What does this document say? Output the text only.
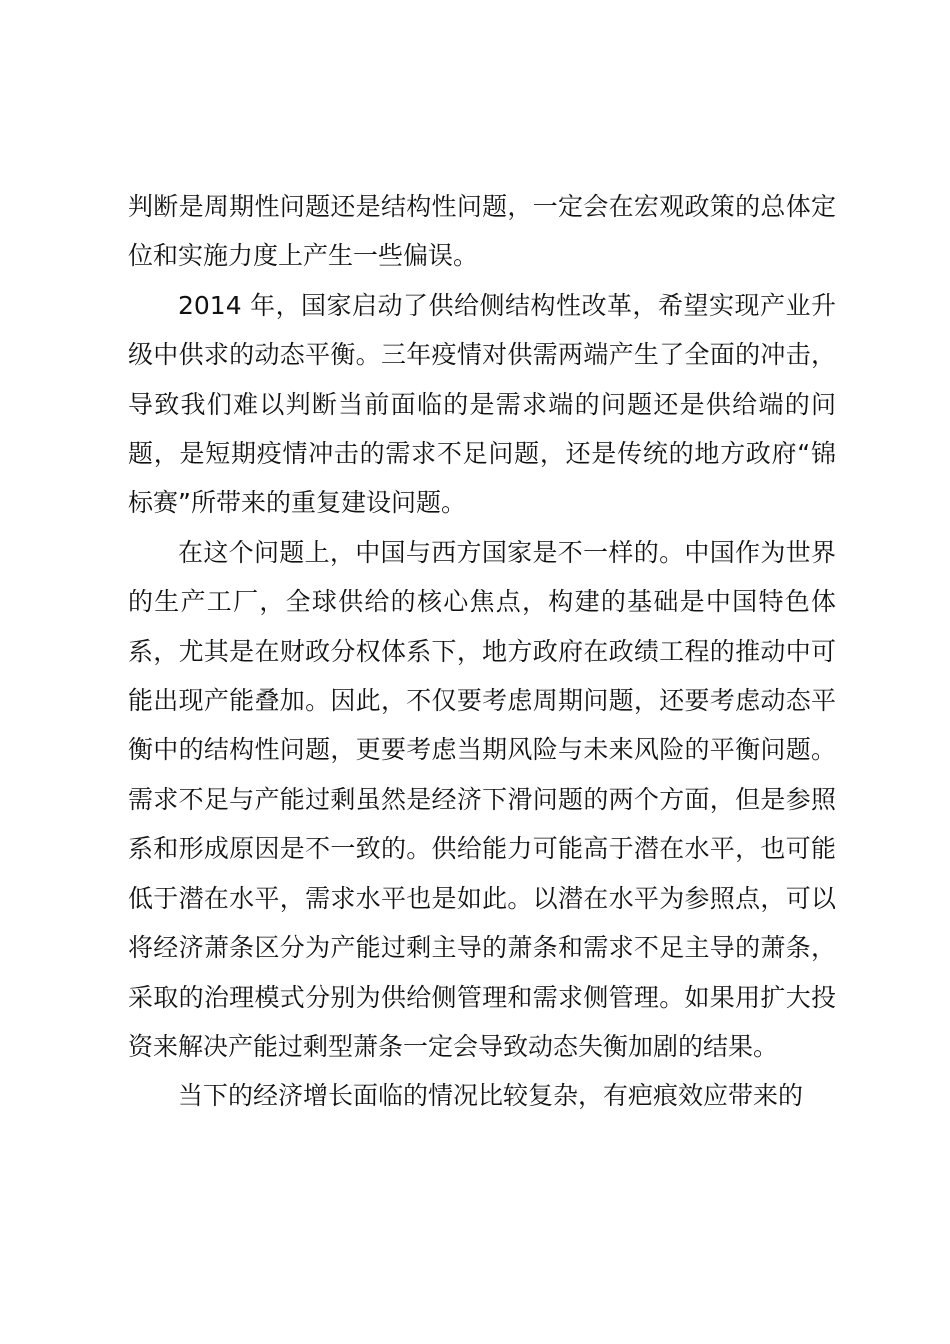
判断是周期性问题还是结构性问题，一定会在宏观政策的总体定位和实施力度上产生一些偏误。

2014 年，国家启动了供给侧结构性改革，希望实现产业升级中供求的动态平衡。三年疫情对供需两端产生了全面的冲击，导致我们难以判断当前面临的是需求端的问题还是供给端的问题，是短期疫情冲击的需求不足问题，还是传统的地方政府“锦标赛”所带来的重复建设问题。

在这个问题上，中国与西方国家是不一样的。中国作为世界的生产工厂，全球供给的核心焦点，构建的基础是中国特色体系，尤其是在财政分权体系下，地方政府在政绩工程的推动中可能出现产能叠加。因此，不仅要考虑周期问题，还要考虑动态平衡中的结构性问题，更要考虑当期风险与未来风险的平衡问题。需求不足与产能过剩虽然是经济下滑问题的两个方面，但是参照系和形成原因是不一致的。供给能力可能高于潜在水平，也可能低于潜在水平，需求水平也是如此。以潜在水平为参照点，可以将经济萧条区分为产能过剩主导的萧条和需求不足主导的萧条，采取的治理模式分别为供给侧管理和需求侧管理。如果用扩大投资来解决产能过剩型萧条一定会导致动态失衡加剧的结果。

当下的经济增长面临的情况比较复杂，有疤痕效应带来的
